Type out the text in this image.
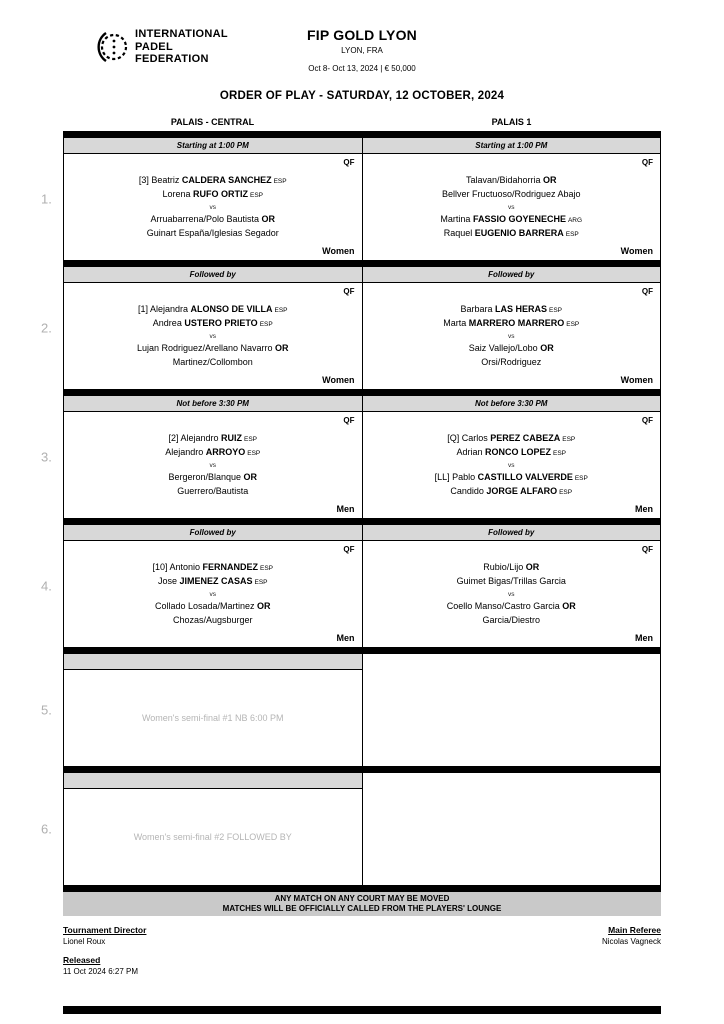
INTERNATIONAL
PADEL
FEDERATION
FIP GOLD LYON
LYON, FRA
Oct 8- Oct 13, 2024 | € 50,000
ORDER OF PLAY - SATURDAY, 12 OCTOBER, 2024
PALAIS - CENTRAL	PALAIS 1
1.
Starting at 1:00 PM
QF
[3] Beatriz CALDERA SANCHEZ ESP
Lorena RUFO ORTIZ ESP
vs
Arruabarrena/Polo Bautista OR
Guinart España/Iglesias Segador
Women
Starting at 1:00 PM
QF
Talavan/Bidahorria OR
Bellver Fructuoso/Rodriguez Abajo
vs
Martina FASSIO GOYENECHE ARG
Raquel EUGENIO BARRERA ESP
Women
2.
Followed by
QF
[1] Alejandra ALONSO DE VILLA ESP
Andrea USTERO PRIETO ESP
vs
Lujan Rodriguez/Arellano Navarro OR
Martinez/Collombon
Women
Followed by
QF
Barbara LAS HERAS ESP
Marta MARRERO MARRERO ESP
vs
Saiz Vallejo/Lobo OR
Orsi/Rodriguez
Women
3.
Not before 3:30 PM
QF
[2] Alejandro RUIZ ESP
Alejandro ARROYO ESP
vs
Bergeron/Blanque OR
Guerrero/Bautista
Men
Not before 3:30 PM
QF
[Q] Carlos PEREZ CABEZA ESP
Adrian RONCO LOPEZ ESP
vs
[LL] Pablo CASTILLO VALVERDE ESP
Candido JORGE ALFARO ESP
Men
4.
Followed by
QF
[10] Antonio FERNANDEZ ESP
Jose JIMENEZ CASAS ESP
vs
Collado Losada/Martinez OR
Chozas/Augsburger
Men
Followed by
QF
Rubio/Lijo OR
Guimet Bigas/Trillas Garcia
vs
Coello Manso/Castro Garcia OR
Garcia/Diestro
Men
5.
Women's semi-final #1 NB 6:00 PM
6.
Women's semi-final #2 FOLLOWED BY
ANY MATCH ON ANY COURT MAY BE MOVED
MATCHES WILL BE OFFICIALLY CALLED FROM THE PLAYERS' LOUNGE
Tournament Director
Lionel Roux
Released
11 Oct 2024 6:27 PM
Main Referee
Nicolas Vagneck
